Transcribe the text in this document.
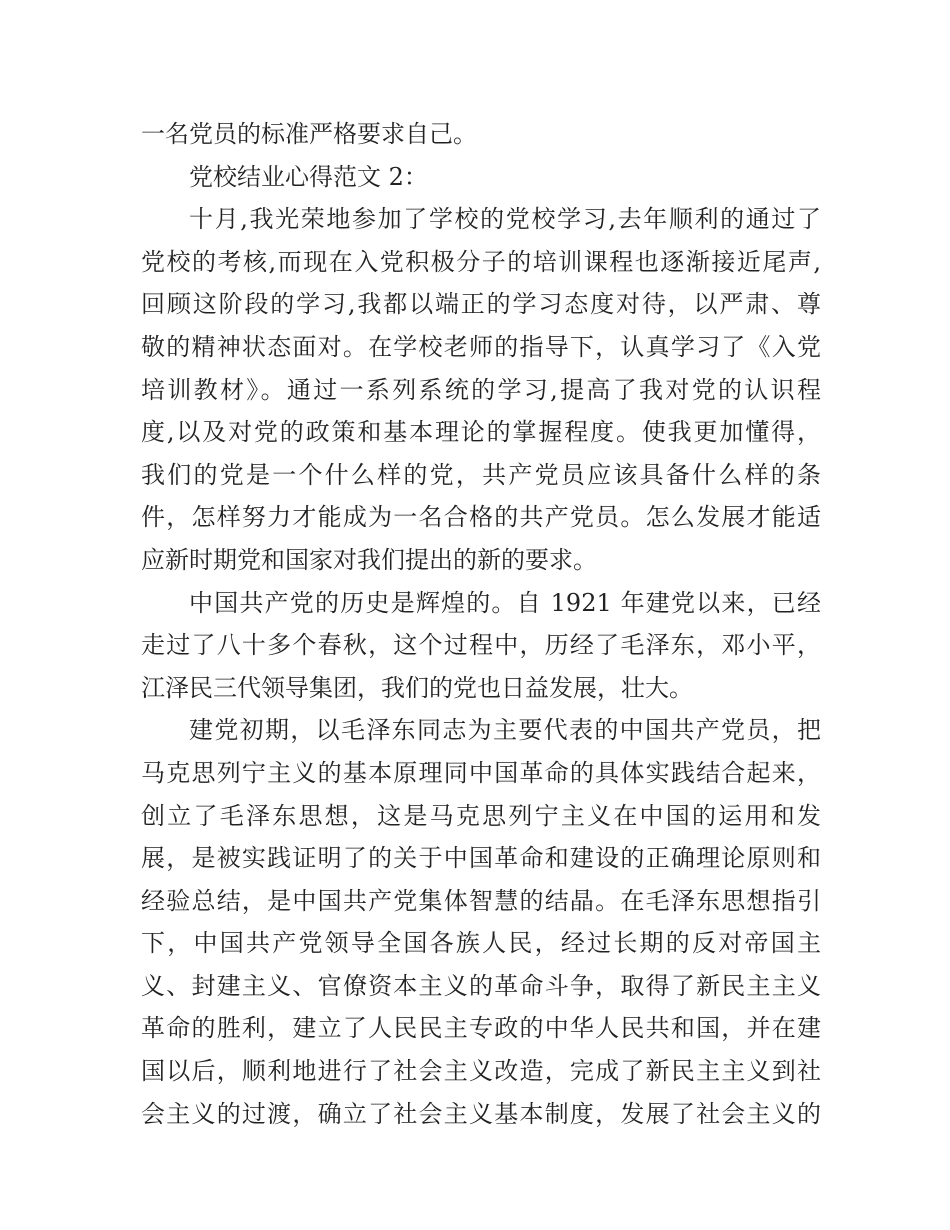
一名党员的标准严格要求自己。
党校结业心得范文 2：
十月,我光荣地参加了学校的党校学习,去年顺利的通过了
党校的考核,而现在入党积极分子的培训课程也逐渐接近尾声,
回顾这阶段的学习,我都以端正的学习态度对待，以严肃、尊
敬的精神状态面对。在学校老师的指导下，认真学习了《入党
培训教材》。通过一系列系统的学习,提高了我对党的认识程
度,以及对党的政策和基本理论的掌握程度。使我更加懂得，
我们的党是一个什么样的党，共产党员应该具备什么样的条
件，怎样努力才能成为一名合格的共产党员。怎么发展才能适
应新时期党和国家对我们提出的新的要求。
中国共产党的历史是辉煌的。自 1921 年建党以来，已经
走过了八十多个春秋，这个过程中，历经了毛泽东，邓小平，
江泽民三代领导集团，我们的党也日益发展，壮大。
建党初期，以毛泽东同志为主要代表的中国共产党员，把
马克思列宁主义的基本原理同中国革命的具体实践结合起来，
创立了毛泽东思想，这是马克思列宁主义在中国的运用和发
展，是被实践证明了的关于中国革命和建设的正确理论原则和
经验总结，是中国共产党集体智慧的结晶。在毛泽东思想指引
下，中国共产党领导全国各族人民，经过长期的反对帝国主
义、封建主义、官僚资本主义的革命斗争，取得了新民主主义
革命的胜利，建立了人民民主专政的中华人民共和国，并在建
国以后，顺利地进行了社会主义改造，完成了新民主主义到社
会主义的过渡，确立了社会主义基本制度，发展了社会主义的
